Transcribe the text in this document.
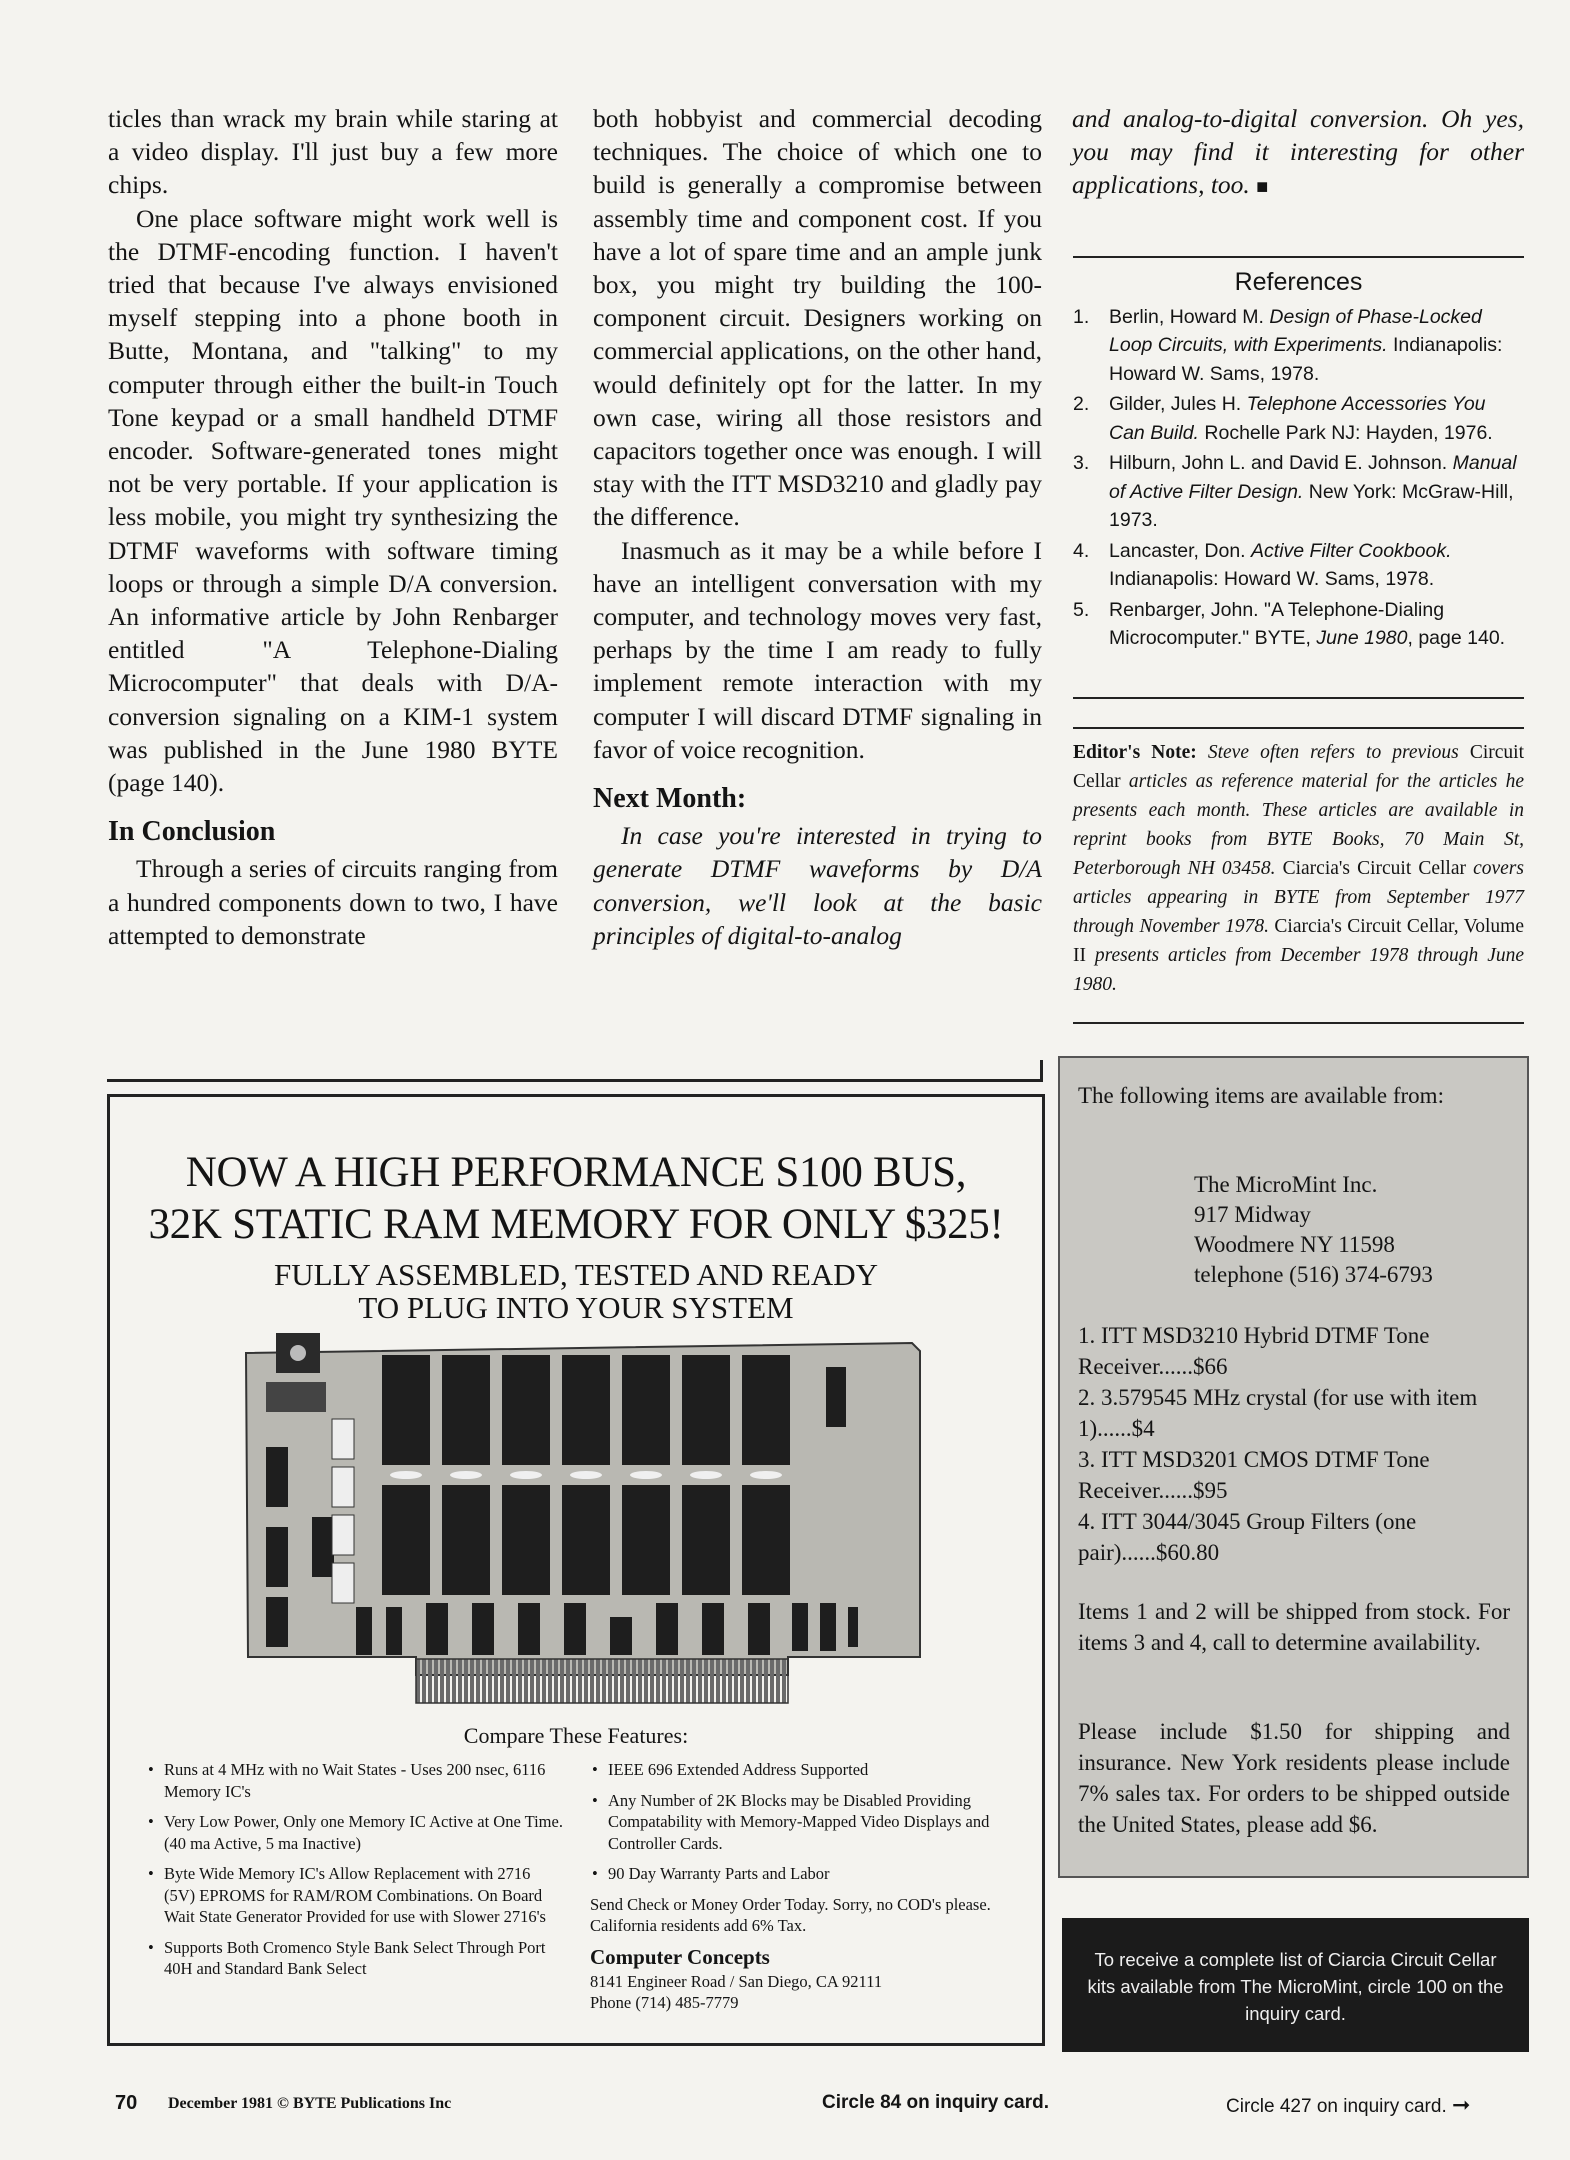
ticles than wrack my brain while staring at a video display. I'll just buy a few more chips.

One place software might work well is the DTMF-encoding function. I haven't tried that because I've always envisioned myself stepping into a phone booth in Butte, Montana, and "talking" to my computer through either the built-in Touch Tone keypad or a small handheld DTMF encoder. Software-generated tones might not be very portable. If your application is less mobile, you might try synthesizing the DTMF waveforms with software timing loops or through a simple D/A conversion. An informative article by John Renbarger entitled "A Telephone-Dialing Microcomputer" that deals with D/A-conversion signaling on a KIM-1 system was published in the June 1980 BYTE (page 140).

In Conclusion

Through a series of circuits ranging from a hundred components down to two, I have attempted to demonstrate

both hobbyist and commercial decoding techniques. The choice of which one to build is generally a compromise between assembly time and component cost. If you have a lot of spare time and an ample junk box, you might try building the 100-component circuit. Designers working on commercial applications, on the other hand, would definitely opt for the latter. In my own case, wiring all those resistors and capacitors together once was enough. I will stay with the ITT MSD3210 and gladly pay the difference.

Inasmuch as it may be a while before I have an intelligent conversation with my computer, and technology moves very fast, perhaps by the time I am ready to fully implement remote interaction with my computer I will discard DTMF signaling in favor of voice recognition.

Next Month:

In case you're interested in trying to generate DTMF waveforms by D/A conversion, we'll look at the basic principles of digital-to-analog

and analog-to-digital conversion. Oh yes, you may find it interesting for other applications, too. ■

References
1. Berlin, Howard M. Design of Phase-Locked Loop Circuits, with Experiments. Indianapolis: Howard W. Sams, 1978.
2. Gilder, Jules H. Telephone Accessories You Can Build. Rochelle Park NJ: Hayden, 1976.
3. Hilburn, John L. and David E. Johnson. Manual of Active Filter Design. New York: McGraw-Hill, 1973.
4. Lancaster, Don. Active Filter Cookbook. Indianapolis: Howard W. Sams, 1978.
5. Renbarger, John. "A Telephone-Dialing Microcomputer." BYTE, June 1980, page 140.
Editor's Note: Steve often refers to previous Circuit Cellar articles as reference material for the articles he presents each month. These articles are available in reprint books from BYTE Books, 70 Main St, Peterborough NH 03458. Ciarcia's Circuit Cellar covers articles appearing in BYTE from September 1977 through November 1978. Ciarcia's Circuit Cellar, Volume II presents articles from December 1978 through June 1980.
NOW A HIGH PERFORMANCE S100 BUS,
32K STATIC RAM MEMORY FOR ONLY $325!
FULLY ASSEMBLED, TESTED AND READY
TO PLUG INTO YOUR SYSTEM
Compare These Features:
• Runs at 4 MHz with no Wait States - Uses 200 nsec, 6116 Memory IC's
• Very Low Power, Only one Memory IC Active at One Time. (40 ma Active, 5 ma Inactive)
• Byte Wide Memory IC's Allow Replacement with 2716 (5V) EPROMS for RAM/ROM Combinations. On Board Wait State Generator Provided for use with Slower 2716's
• Supports Both Cromenco Style Bank Select Through Port 40H and Standard Bank Select
• IEEE 696 Extended Address Supported
• Any Number of 2K Blocks may be Disabled Providing Compatability with Memory-Mapped Video Displays and Controller Cards.
• 90 Day Warranty Parts and Labor
Send Check or Money Order Today. Sorry, no COD's please. California residents add 6% Tax.
Computer Concepts
8141 Engineer Road / San Diego, CA 92111
Phone (714) 485-7779

The following items are available from:

The MicroMint Inc.
917 Midway
Woodmere NY 11598
telephone (516) 374-6793

1. ITT MSD3210 Hybrid DTMF Tone Receiver......$66

2. 3.579545 MHz crystal (for use with item 1)......$4

3. ITT MSD3201 CMOS DTMF Tone Receiver......$95

4. ITT 3044/3045 Group Filters (one pair)......$60.80

Items 1 and 2 will be shipped from stock. For items 3 and 4, call to determine availability.

Please include $1.50 for shipping and insurance. New York residents please include 7% sales tax. For orders to be shipped outside the United States, please add $6.

To receive a complete list of Ciarcia Circuit Cellar kits available from The MicroMint, circle 100 on the inquiry card.
70 December 1981 © BYTE Publications Inc	Circle 84 on inquiry card.	Circle 427 on inquiry card. ➞
